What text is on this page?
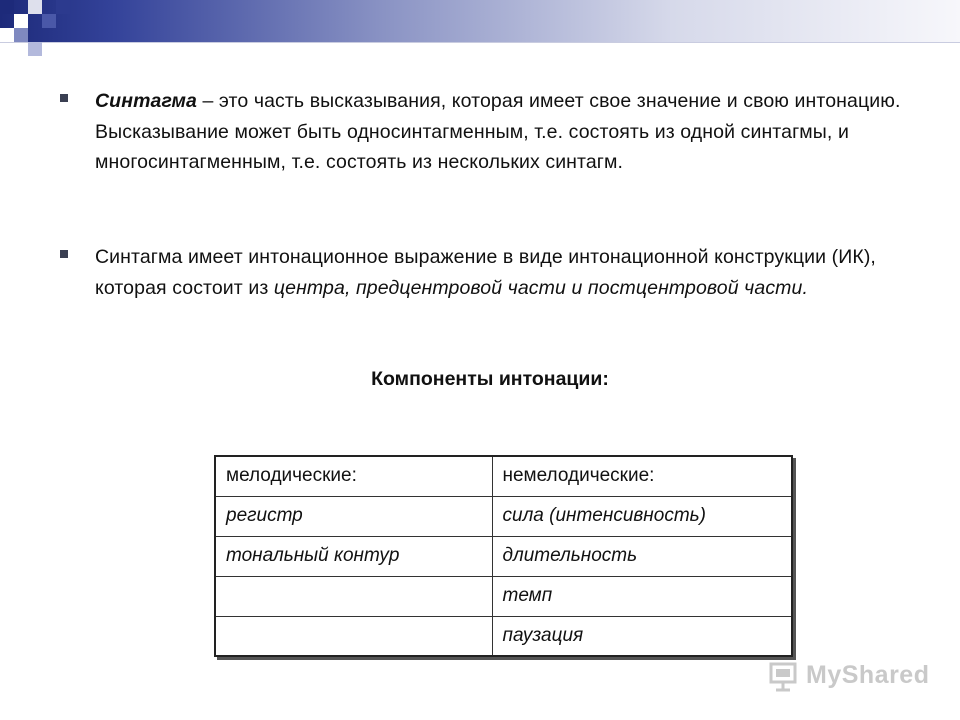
Синтагма – это часть высказывания, которая имеет свое значение и свою интонацию.
Высказывание может быть односинтагменным, т.е. состоять из одной синтагмы, и многосинтагменным, т.е. состоять из нескольких синтагм.
Синтагма имеет интонационное выражение в виде интонационной конструкции (ИК), которая состоит из центра, предцентровой части и постцентровой части.
Компоненты интонации:
мелодические:	немелодические:
регистр	сила (интенсивность)
тональный контур	длительность
	темп
	паузация
MyShared
